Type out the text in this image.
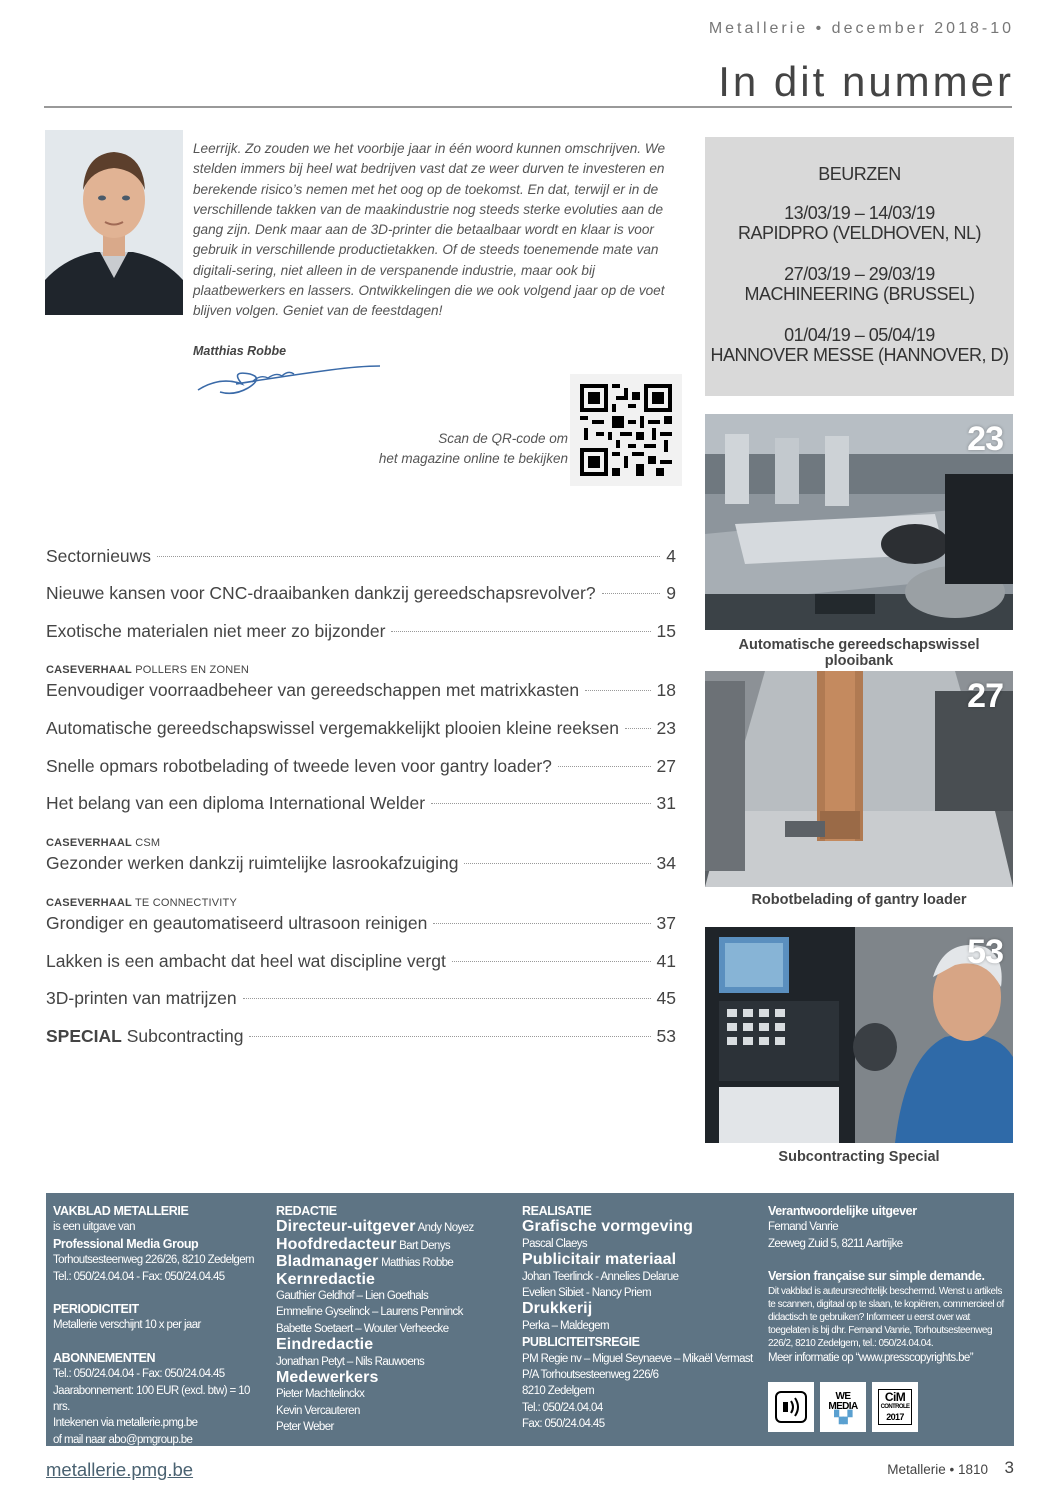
Metallerie • december 2018-10
In dit nummer

Leerrijk. Zo zouden we het voorbije jaar in één woord kunnen omschrijven. We stelden immers bij heel wat bedrijven vast dat ze weer durven te investeren en berekende risico’s nemen met het oog op de toekomst. En dat, terwijl er in de verschillende takken van de maakindustrie nog steeds sterke evoluties aan de gang zijn. Denk maar aan de 3D-printer die betaalbaar wordt en klaar is voor gebruik in verschillende productietakken. Of de steeds toenemende mate van digitali-sering, niet alleen in de verspanende industrie, maar ook bij plaatbewerkers en lassers. Ontwikkelingen die we ook volgend jaar op de voet blijven volgen. Geniet van de feestdagen!

Matthias Robbe
Scan de QR-code om
het magazine online te bekijken
BEURZEN
13/03/19 – 14/03/19
RAPIDPRO (VELDHOVEN, NL)
27/03/19 – 29/03/19
MACHINEERING (BRUSSEL)
01/04/19 – 05/04/19
HANNOVER MESSE (HANNOVER, D)
23
Automatische gereedschapswissel plooibank
27
Robotbelading of gantry loader
53
Subcontracting Special
Sectornieuws	4
Nieuwe kansen voor CNC-draaibanken dankzij gereedschapsrevolver?	9
Exotische materialen niet meer zo bijzonder	15
CASEVERHAAL POLLERS EN ZONEN
Eenvoudiger voorraadbeheer van gereedschappen met matrixkasten	18
Automatische gereedschapswissel vergemakkelijkt plooien kleine reeksen 23
Snelle opmars robotbelading of tweede leven voor gantry loader?	27
Het belang van een diploma International Welder	31
CASEVERHAAL CSM
Gezonder werken dankzij ruimtelijke lasrookafzuiging	34
CASEVERHAAL TE CONNECTIVITY
Grondiger en geautomatiseerd ultrasoon reinigen	37
Lakken is een ambacht dat heel wat discipline vergt	41
3D-printen van matrijzen	45
SPECIAL Subcontracting	53
VAKBLAD METALLERIE
is een uitgave van
Professional Media Group
Torhoutsesteenweg 226/26, 8210 Zedelgem
Tel.: 050/24.04.04 - Fax: 050/24.04.45
PERIODICITEIT
Metallerie verschijnt 10 x per jaar
ABONNEMENTEN
Tel.: 050/24.04.04 - Fax: 050/24.04.45
Jaarabonnement: 100 EUR (excl. btw) = 10 nrs.
Intekenen via metallerie.pmg.be
of mail naar abo@pmgroup.be
REDACTIE
Directeur-uitgever Andy Noyez
Hoofdredacteur Bart Denys
Bladmanager Matthias Robbe
Kernredactie
Gauthier Geldhof – Lien Goethals
Emmeline Gyselinck – Laurens Penninck
Babette Soetaert – Wouter Verheecke
Eindredactie
Jonathan Petyt – Nils Rauwoens
Medewerkers
Pieter Machtelinckx
Kevin Vercauteren
Peter Weber
REALISATIE
Grafische vormgeving
Pascal Claeys
Publicitair materiaal
Johan Teerlinck - Annelies Delarue
Evelien Sibiet - Nancy Priem
Drukkerij
Perka – Maldegem
PUBLICITEITSREGIE
PM Regie nv – Miguel Seynaeve – Mikaël Vermast
P/A Torhoutsesteenweg 226/6
8210 Zedelgem
Tel.: 050/24.04.04
Fax: 050/24.04.45
Verantwoordelijke uitgever
Fernand Vanrie
Zeeweg Zuid 5, 8211 Aartrijke
Version française sur simple demande.
Dit vakblad is auteursrechtelijk beschermd. Wenst u artikels te scannen, digitaal op te slaan, te kopiëren, commercieel of didactisch te gebruiken? Informeer u eerst over wat toegelaten is bij dhr. Fernand Vanrie, Torhoutsesteenweg 226/2, 8210 Zedelgem, tel.: 050/24.04.04.
Meer informatie op “www.presscopyrights.be”
WE
MEDIA
▚▞
CiM
CONTROLE
2017
metallerie.pmg.be	Metallerie • 1810 3
